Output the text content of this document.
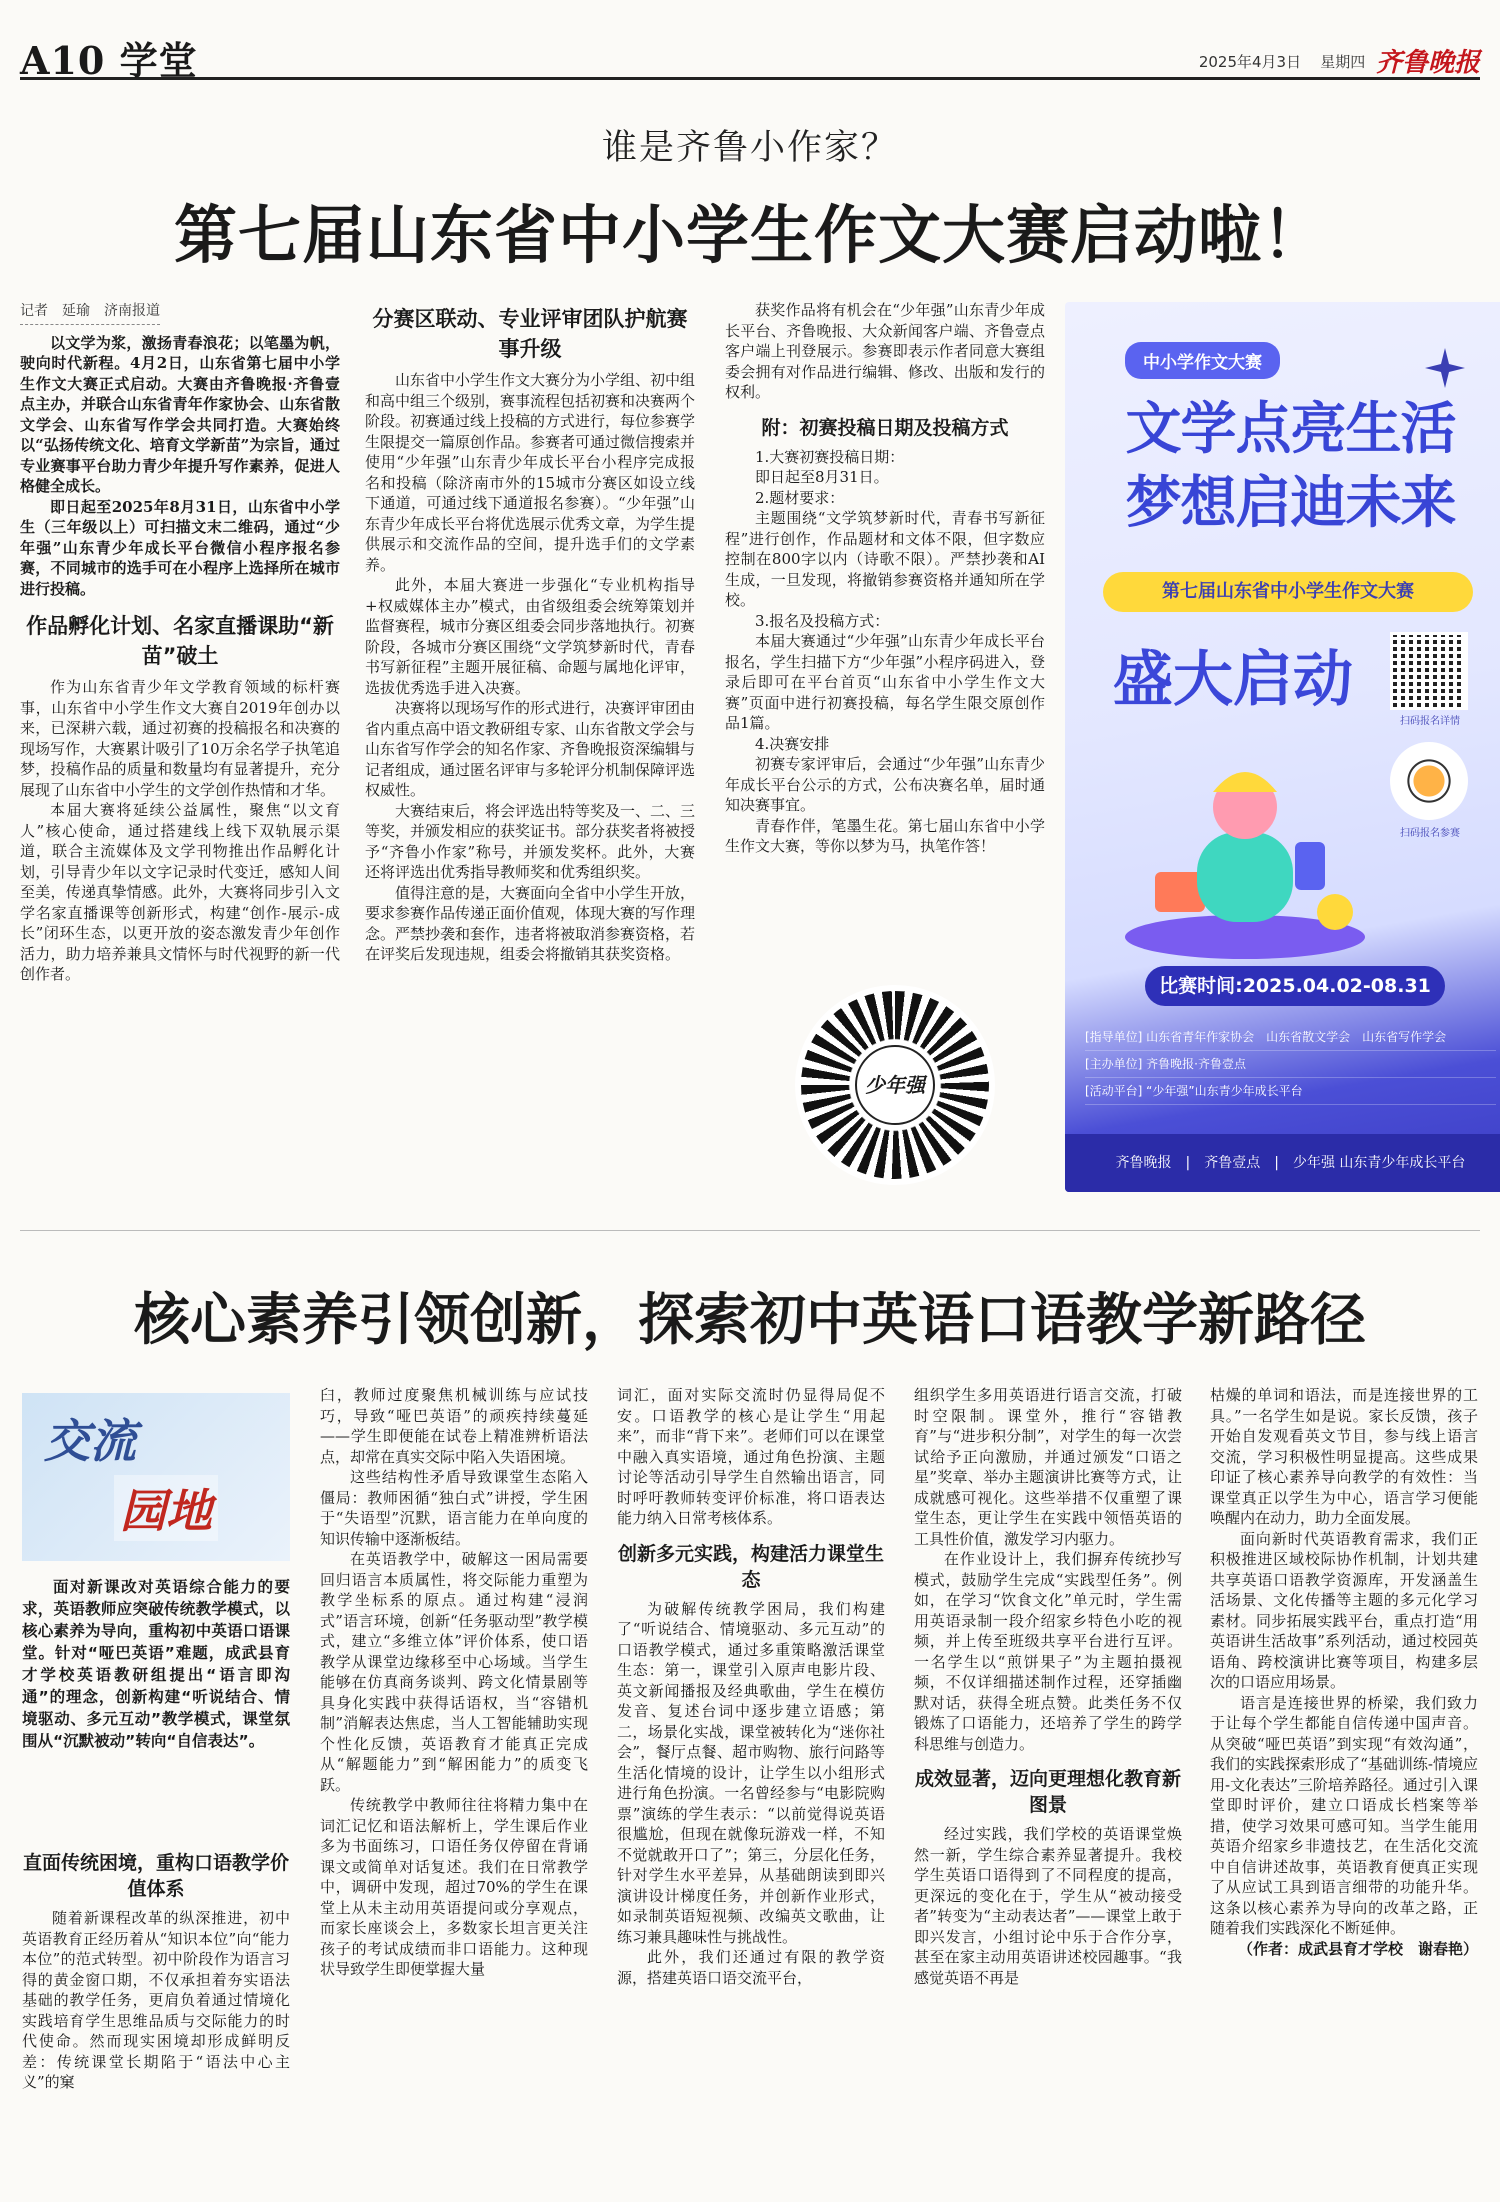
A10 学堂	2025年4月3日 星期四 齐鲁晚报
谁是齐鲁小作家？
第七届山东省中小学生作文大赛启动啦！

记者　延瑜　济南报道

以文学为浆，激扬青春浪花；以笔墨为帆，驶向时代新程。4月2日，山东省第七届中小学生作文大赛正式启动。大赛由齐鲁晚报·齐鲁壹点主办，并联合山东省青年作家协会、山东省散文学会、山东省写作学会共同打造。大赛始终以“弘扬传统文化、培育文学新苗”为宗旨，通过专业赛事平台助力青少年提升写作素养，促进人格健全成长。

即日起至2025年8月31日，山东省中小学生（三年级以上）可扫描文末二维码，通过“少年强”山东青少年成长平台微信小程序报名参赛，不同城市的选手可在小程序上选择所在城市进行投稿。

作品孵化计划、名家直播课助“新苗”破土

作为山东省青少年文学教育领域的标杆赛事，山东省中小学生作文大赛自2019年创办以来，已深耕六载，通过初赛的投稿报名和决赛的现场写作，大赛累计吸引了10万余名学子执笔追梦，投稿作品的质量和数量均有显著提升，充分展现了山东省中小学生的文学创作热情和才华。

本届大赛将延续公益属性，聚焦“以文育人”核心使命，通过搭建线上线下双轨展示渠道，联合主流媒体及文学刊物推出作品孵化计划，引导青少年以文字记录时代变迁，感知人间至美，传递真挚情感。此外，大赛将同步引入文学名家直播课等创新形式，构建“创作-展示-成长”闭环生态，以更开放的姿态激发青少年创作活力，助力培养兼具文情怀与时代视野的新一代创作者。

分赛区联动、专业评审团队护航赛事升级

山东省中小学生作文大赛分为小学组、初中组和高中组三个级别，赛事流程包括初赛和决赛两个阶段。初赛通过线上投稿的方式进行，每位参赛学生限提交一篇原创作品。参赛者可通过微信搜索并使用“少年强”山东青少年成长平台小程序完成报名和投稿（除济南市外的15城市分赛区如设立线下通道，可通过线下通道报名参赛）。“少年强”山东青少年成长平台将优选展示优秀文章，为学生提供展示和交流作品的空间，提升选手们的文学素养。

此外，本届大赛进一步强化“专业机构指导+权威媒体主办”模式，由省级组委会统筹策划并监督赛程，城市分赛区组委会同步落地执行。初赛阶段，各城市分赛区围绕“文学筑梦新时代，青春书写新征程”主题开展征稿、命题与属地化评审，选拔优秀选手进入决赛。

决赛将以现场写作的形式进行，决赛评审团由省内重点高中语文教研组专家、山东省散文学会与山东省写作学会的知名作家、齐鲁晚报资深编辑与记者组成，通过匿名评审与多轮评分机制保障评选权威性。

大赛结束后，将会评选出特等奖及一、二、三等奖，并颁发相应的获奖证书。部分获奖者将被授予“齐鲁小作家”称号，并颁发奖杯。此外，大赛还将评选出优秀指导教师奖和优秀组织奖。

值得注意的是，大赛面向全省中小学生开放，要求参赛作品传递正面价值观，体现大赛的写作理念。严禁抄袭和套作，违者将被取消参赛资格，若在评奖后发现违规，组委会将撤销其获奖资格。

获奖作品将有机会在“少年强”山东青少年成长平台、齐鲁晚报、大众新闻客户端、齐鲁壹点客户端上刊登展示。参赛即表示作者同意大赛组委会拥有对作品进行编辑、修改、出版和发行的权利。

附：初赛投稿日期及投稿方式

1.大赛初赛投稿日期：

即日起至8月31日。

2.题材要求：

主题围绕“文学筑梦新时代，青春书写新征程”进行创作，作品题材和文体不限，但字数应控制在800字以内（诗歌不限）。严禁抄袭和AI生成，一旦发现，将撤销参赛资格并通知所在学校。

3.报名及投稿方式：

本届大赛通过“少年强”山东青少年成长平台报名，学生扫描下方“少年强”小程序码进入，登录后即可在平台首页“山东省中小学生作文大赛”页面中进行初赛投稿，每名学生限交原创作品1篇。

4.决赛安排

初赛专家评审后，会通过“少年强”山东青少年成长平台公示的方式，公布决赛名单，届时通知决赛事宜。

青春作伴，笔墨生花。第七届山东省中小学生作文大赛，等你以梦为马，执笔作答！

少年强
中小学作文大赛
文学点亮生活
梦想启迪未来
第七届山东省中小学生作文大赛
盛大启动
扫码报名详情
扫码报名参赛
比赛时间:2025.04.02-08.31
[指导单位] 山东省青年作家协会　山东省散文学会　山东省写作学会
[主办单位] 齐鲁晚报·齐鲁壹点
[活动平台] “少年强”山东青少年成长平台
齐鲁晚报　|　齐鲁壹点　|　少年强 山东青少年成长平台
核心素养引领创新，探索初中英语口语教学新路径
交流
园地

面对新课改对英语综合能力的要求，英语教师应突破传统教学模式，以核心素养为导向，重构初中英语口语课堂。针对“哑巴英语”难题，成武县育才学校英语教研组提出“语言即沟通”的理念，创新构建“听说结合、情境驱动、多元互动”教学模式，课堂氛围从“沉默被动”转向“自信表达”。

直面传统困境，重构口语教学价值体系

随着新课程改革的纵深推进，初中英语教育正经历着从“知识本位”向“能力本位”的范式转型。初中阶段作为语言习得的黄金窗口期，不仅承担着夯实语法基础的教学任务，更肩负着通过情境化实践培育学生思维品质与交际能力的时代使命。然而现实困境却形成鲜明反差：传统课堂长期陷于“语法中心主义”的窠

臼，教师过度聚焦机械训练与应试技巧，导致“哑巴英语”的顽疾持续蔓延——学生即便能在试卷上精准辨析语法点，却常在真实交际中陷入失语困境。

这些结构性矛盾导致课堂生态陷入僵局：教师困循“独白式”讲授，学生困于“失语型”沉默，语言能力在单向度的知识传输中逐渐板结。

在英语教学中，破解这一困局需要回归语言本质属性，将交际能力重塑为教学坐标系的原点。通过构建“浸润式”语言环境，创新“任务驱动型”教学模式，建立“多维立体”评价体系，使口语教学从课堂边缘移至中心场域。当学生能够在仿真商务谈判、跨文化情景剧等具身化实践中获得话语权，当“容错机制”消解表达焦虑，当人工智能辅助实现个性化反馈，英语教育才能真正完成从“解题能力”到“解困能力”的质变飞跃。

传统教学中教师往往将精力集中在词汇记忆和语法解析上，学生课后作业多为书面练习，口语任务仅停留在背诵课文或简单对话复述。我们在日常教学中，调研中发现，超过70%的学生在课堂上从未主动用英语提问或分享观点，而家长座谈会上，多数家长坦言更关注孩子的考试成绩而非口语能力。这种现状导致学生即便掌握大量

词汇，面对实际交流时仍显得局促不安。口语教学的核心是让学生“用起来”，而非“背下来”。老师们可以在课堂中融入真实语境，通过角色扮演、主题讨论等活动引导学生自然输出语言，同时呼吁教师转变评价标准，将口语表达能力纳入日常考核体系。

创新多元实践，构建活力课堂生态

为破解传统教学困局，我们构建了“听说结合、情境驱动、多元互动”的口语教学模式，通过多重策略激活课堂生态：第一，课堂引入原声电影片段、英文新闻播报及经典歌曲，学生在模仿发音、复述台词中逐步建立语感；第二，场景化实战，课堂被转化为“迷你社会”，餐厅点餐、超市购物、旅行问路等生活化情境的设计，让学生以小组形式进行角色扮演。一名曾经参与“电影院购票”演练的学生表示：“以前觉得说英语很尴尬，但现在就像玩游戏一样，不知不觉就敢开口了”；第三，分层化任务，针对学生水平差异，从基础朗读到即兴演讲设计梯度任务，并创新作业形式，如录制英语短视频、改编英文歌曲，让练习兼具趣味性与挑战性。

此外，我们还通过有限的教学资源，搭建英语口语交流平台，

组织学生多用英语进行语言交流，打破时空限制。课堂外，推行“容错教育”与“进步积分制”，对学生的每一次尝试给予正向激励，并通过颁发“口语之星”奖章、举办主题演讲比赛等方式，让成就感可视化。这些举措不仅重塑了课堂生态，更让学生在实践中领悟英语的工具性价值，激发学习内驱力。

在作业设计上，我们摒弃传统抄写模式，鼓励学生完成“实践型任务”。例如，在学习“饮食文化”单元时，学生需用英语录制一段介绍家乡特色小吃的视频，并上传至班级共享平台进行互评。一名学生以“煎饼果子”为主题拍摄视频，不仅详细描述制作过程，还穿插幽默对话，获得全班点赞。此类任务不仅锻炼了口语能力，还培养了学生的跨学科思维与创造力。

成效显著，迈向更理想化教育新图景

经过实践，我们学校的英语课堂焕然一新，学生综合素养显著提升。我校学生英语口语得到了不同程度的提高，更深远的变化在于，学生从“被动接受者”转变为“主动表达者”——课堂上敢于即兴发言，小组讨论中乐于合作分享，甚至在家主动用英语讲述校园趣事。“我感觉英语不再是

枯燥的单词和语法，而是连接世界的工具。”一名学生如是说。家长反馈，孩子开始自发观看英文节目，参与线上语言交流，学习积极性明显提高。这些成果印证了核心素养导向教学的有效性：当课堂真正以学生为中心，语言学习便能唤醒内在动力，助力全面发展。

面向新时代英语教育需求，我们正积极推进区域校际协作机制，计划共建共享英语口语教学资源库，开发涵盖生活场景、文化传播等主题的多元化学习素材。同步拓展实践平台，重点打造“用英语讲生活故事”系列活动，通过校园英语角、跨校演讲比赛等项目，构建多层次的口语应用场景。

语言是连接世界的桥梁，我们致力于让每个学生都能自信传递中国声音。从突破“哑巴英语”到实现“有效沟通”，我们的实践探索形成了“基础训练-情境应用-文化表达”三阶培养路径。通过引入课堂即时评价，建立口语成长档案等举措，使学习效果可感可知。当学生能用英语介绍家乡非遗技艺，在生活化交流中自信讲述故事，英语教育便真正实现了从应试工具到语言细带的功能升华。这条以核心素养为导向的改革之路，正随着我们实践深化不断延伸。

（作者：成武县育才学校　谢春艳）
